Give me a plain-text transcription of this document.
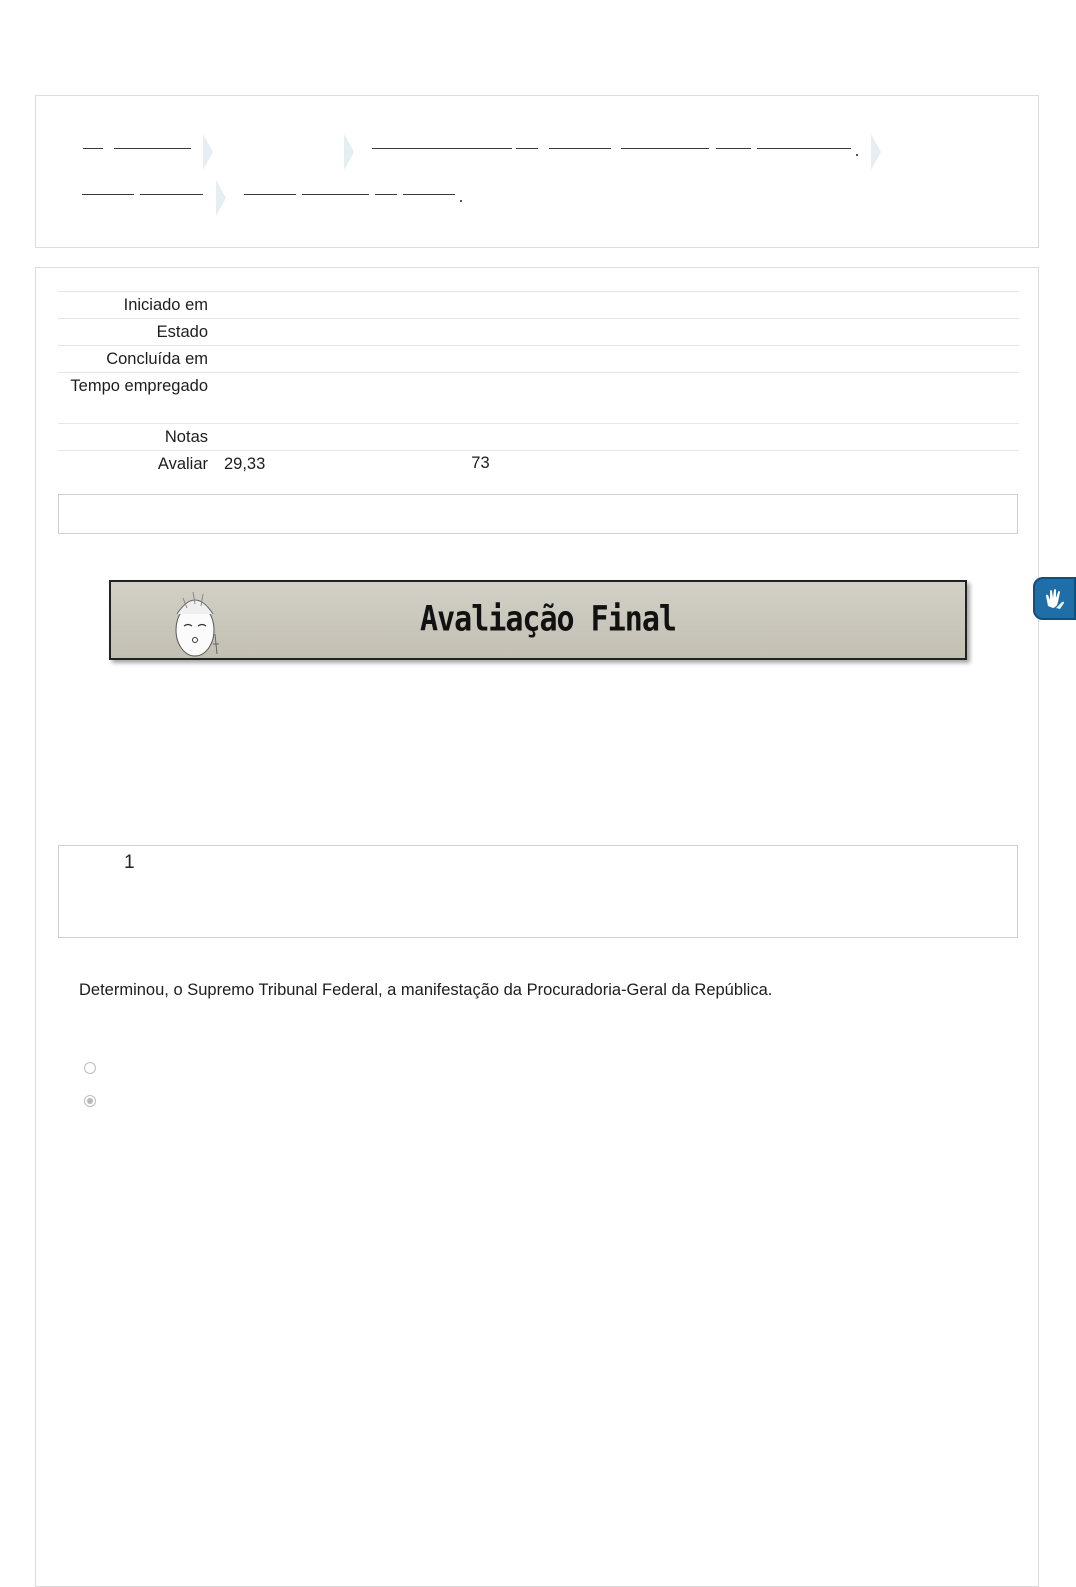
Iniciado em
Estado
Concluída em
Tempo empregado
Notas
Avaliar 29,33	73
Avaliação Final
1
Determinou, o Supremo Tribunal Federal, a manifestação da Procuradoria-Geral da República.
